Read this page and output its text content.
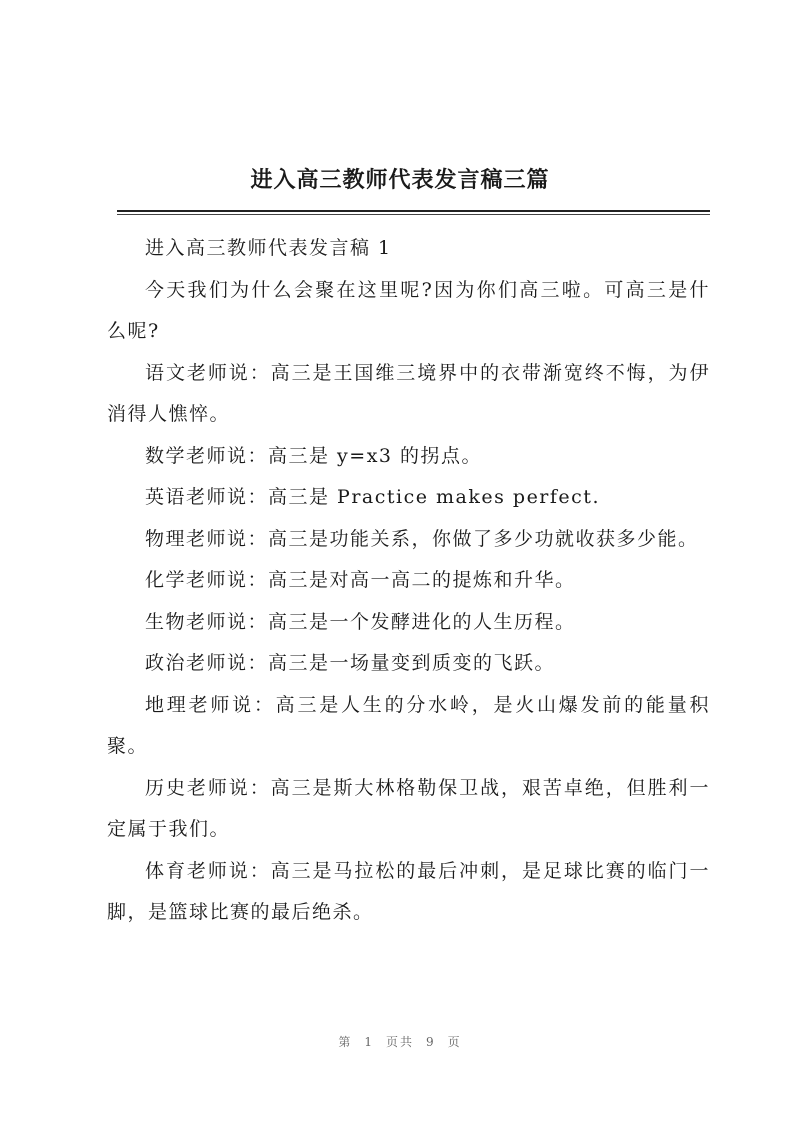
进入高三教师代表发言稿三篇

进入高三教师代表发言稿 1

今天我们为什么会聚在这里呢?因为你们高三啦。可高三是什么呢?

语文老师说：高三是王国维三境界中的衣带渐宽终不悔，为伊消得人憔悴。

数学老师说：高三是 y=x3 的拐点。

英语老师说：高三是 Practice makes perfect.

物理老师说：高三是功能关系，你做了多少功就收获多少能。

化学老师说：高三是对高一高二的提炼和升华。

生物老师说：高三是一个发酵进化的人生历程。

政治老师说：高三是一场量变到质变的飞跃。

地理老师说：高三是人生的分水岭，是火山爆发前的能量积聚。

历史老师说：高三是斯大林格勒保卫战，艰苦卓绝，但胜利一定属于我们。

体育老师说：高三是马拉松的最后冲刺，是足球比赛的临门一脚，是篮球比赛的最后绝杀。

第 1 页共 9 页
